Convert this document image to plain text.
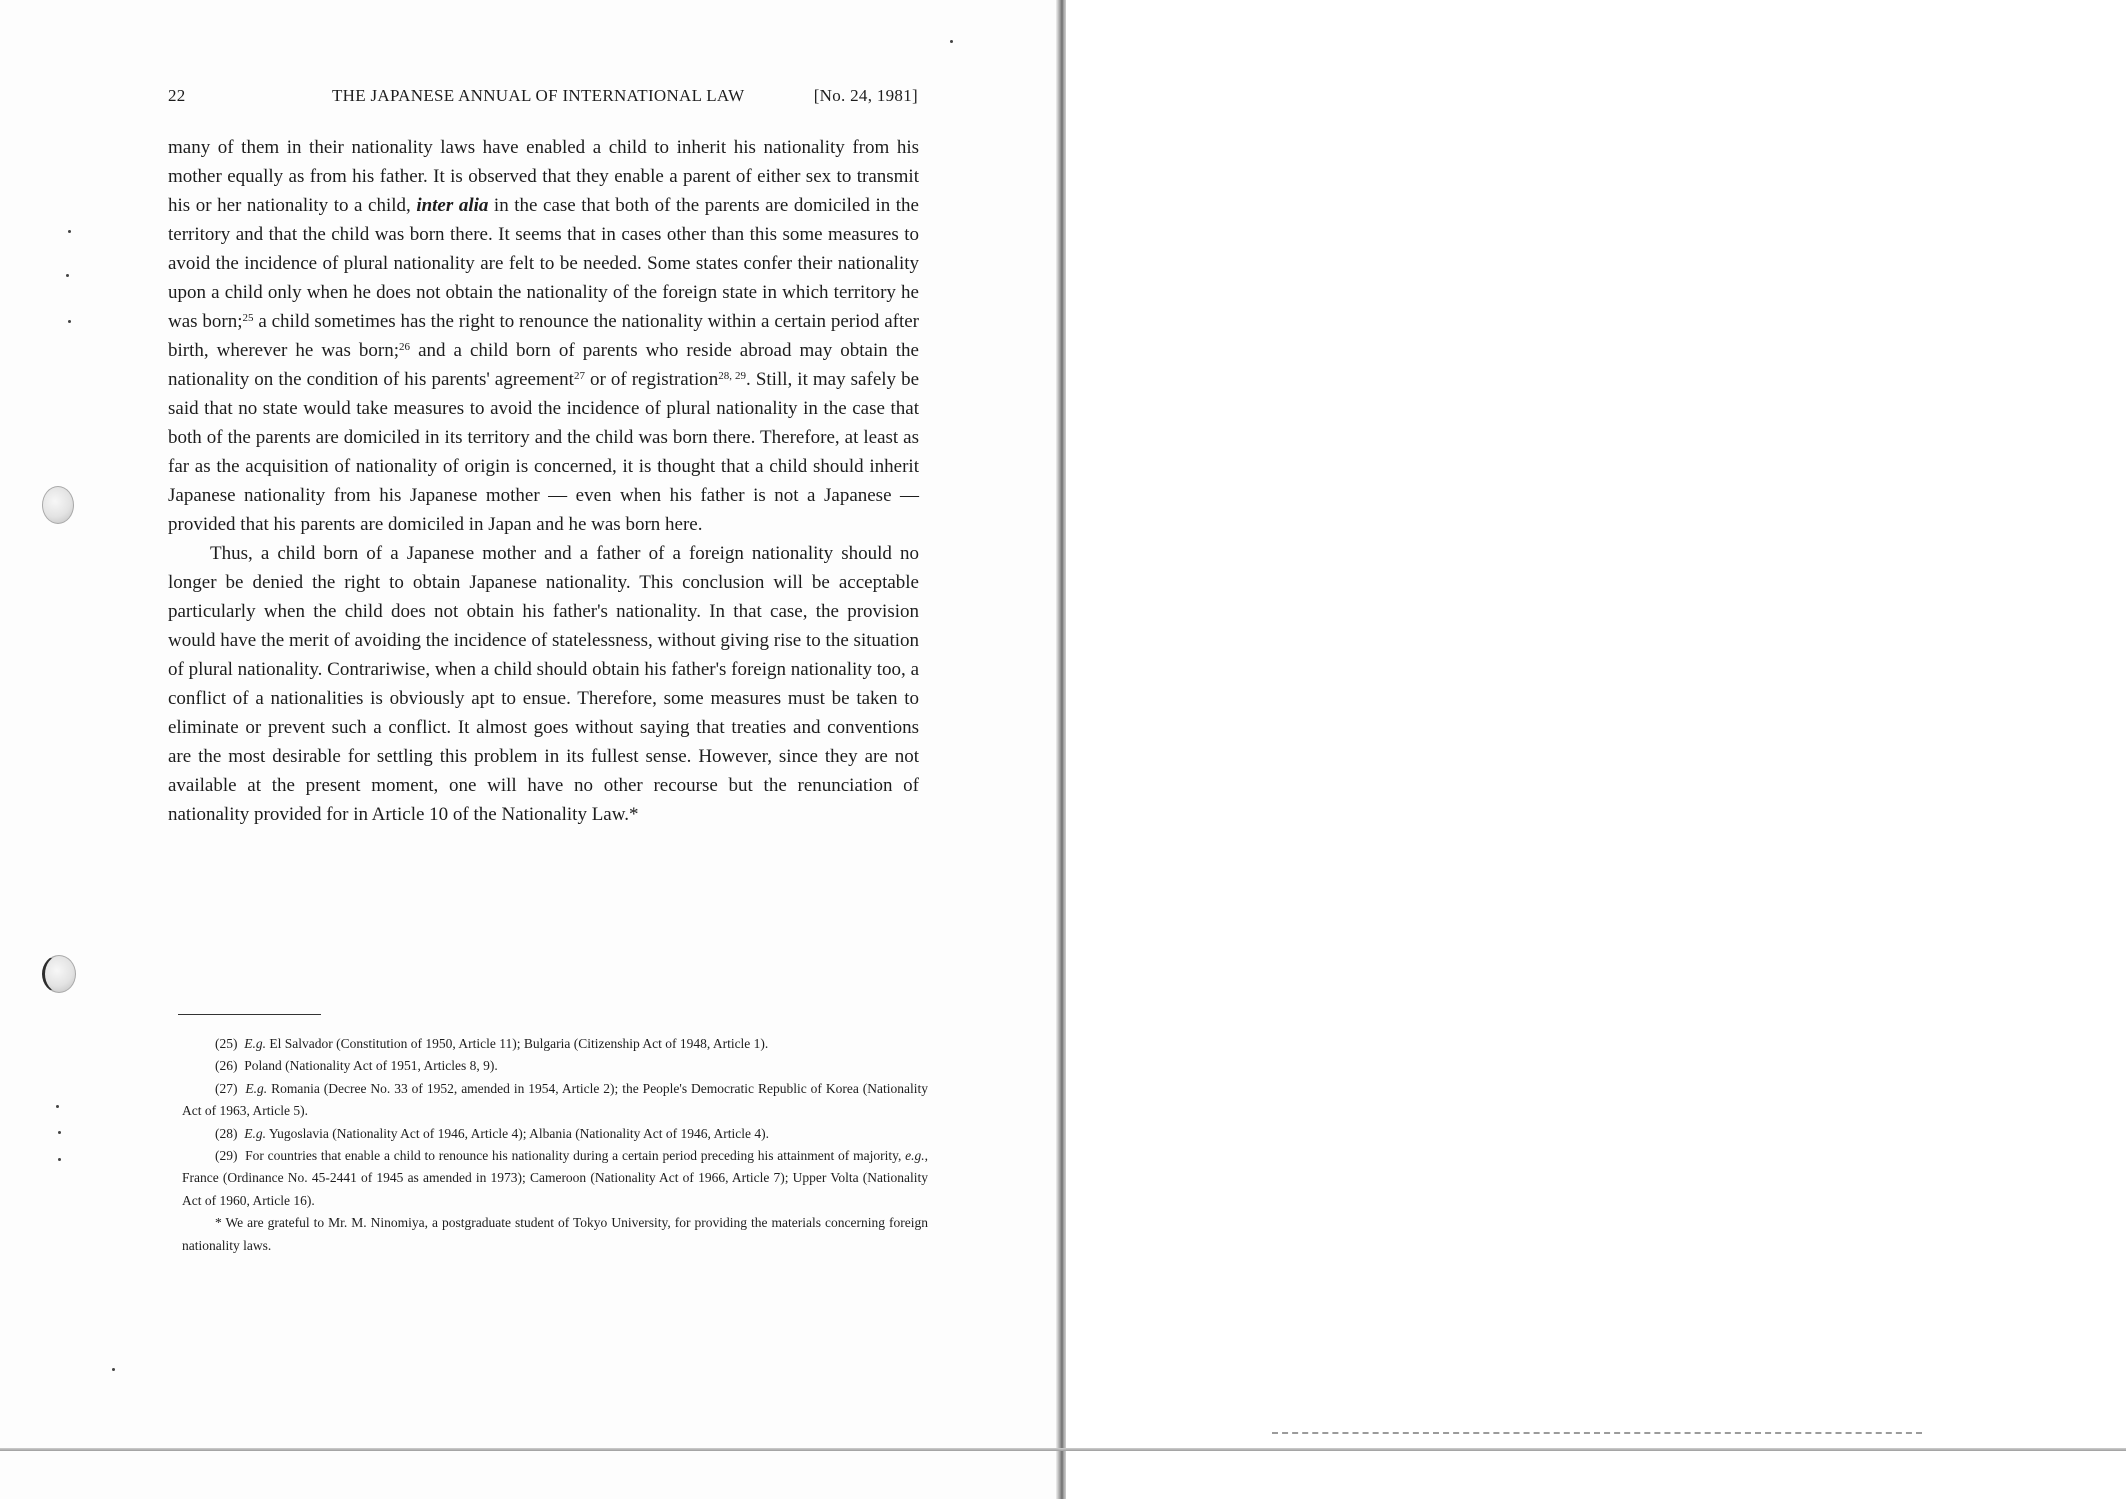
22	THE JAPANESE ANNUAL OF INTERNATIONAL LAW	[No. 24, 1981]

many of them in their nationality laws have enabled a child to inherit his nationality from his mother equally as from his father. It is observed that they enable a parent of either sex to transmit his or her nationality to a child, inter alia in the case that both of the parents are domiciled in the territory and that the child was born there. It seems that in cases other than this some measures to avoid the incidence of plural nationality are felt to be needed. Some states confer their nationality upon a child only when he does not obtain the nationality of the foreign state in which territory he was born;$^{25}$ a child sometimes has the right to renounce the nationality within a certain period after birth, wherever he was born;$^{26}$ and a child born of parents who reside abroad may obtain the nationality on the condition of his parents' agreement$^{27}$ or of registration$^{28, 29}$. Still, it may safely be said that no state would take measures to avoid the incidence of plural nationality in the case that both of the parents are domiciled in its territory and the child was born there. Therefore, at least as far as the acquisition of nationality of origin is concerned, it is thought that a child should inherit Japanese nationality from his Japanese mother — even when his father is not a Japanese — provided that his parents are domiciled in Japan and he was born here.

Thus, a child born of a Japanese mother and a father of a foreign nationality should no longer be denied the right to obtain Japanese nationality. This conclusion will be acceptable particularly when the child does not obtain his father's nationality. In that case, the provision would have the merit of avoiding the incidence of statelessness, without giving rise to the situation of plural nationality. Contrariwise, when a child should obtain his father's foreign nationality too, a conflict of a nationalities is obviously apt to ensue. Therefore, some measures must be taken to eliminate or prevent such a conflict. It almost goes without saying that treaties and conventions are the most desirable for settling this problem in its fullest sense. However, since they are not available at the present moment, one will have no other recourse but the renunciation of nationality provided for in Article 10 of the Nationality Law.*

(25) E.g. El Salvador (Constitution of 1950, Article 11); Bulgaria (Citizenship Act of 1948, Article 1).

(26)  Poland (Nationality Act of 1951, Articles 8, 9).

(27) E.g. Romania (Decree No. 33 of 1952, amended in 1954, Article 2); the People's Democratic Republic of Korea (Nationality Act of 1963, Article 5).

(28) E.g. Yugoslavia (Nationality Act of 1946, Article 4); Albania (Nationality Act of 1946, Article 4).

(29)  For countries that enable a child to renounce his nationality during a certain period preceding his attainment of majority, e.g., France (Ordinance No. 45-2441 of 1945 as amended in 1973); Cameroon (Nationality Act of 1966, Article 7); Upper Volta (Nationality Act of 1960, Article 16).

* We are grateful to Mr. M. Ninomiya, a postgraduate student of Tokyo University, for providing the materials concerning foreign nationality laws.
